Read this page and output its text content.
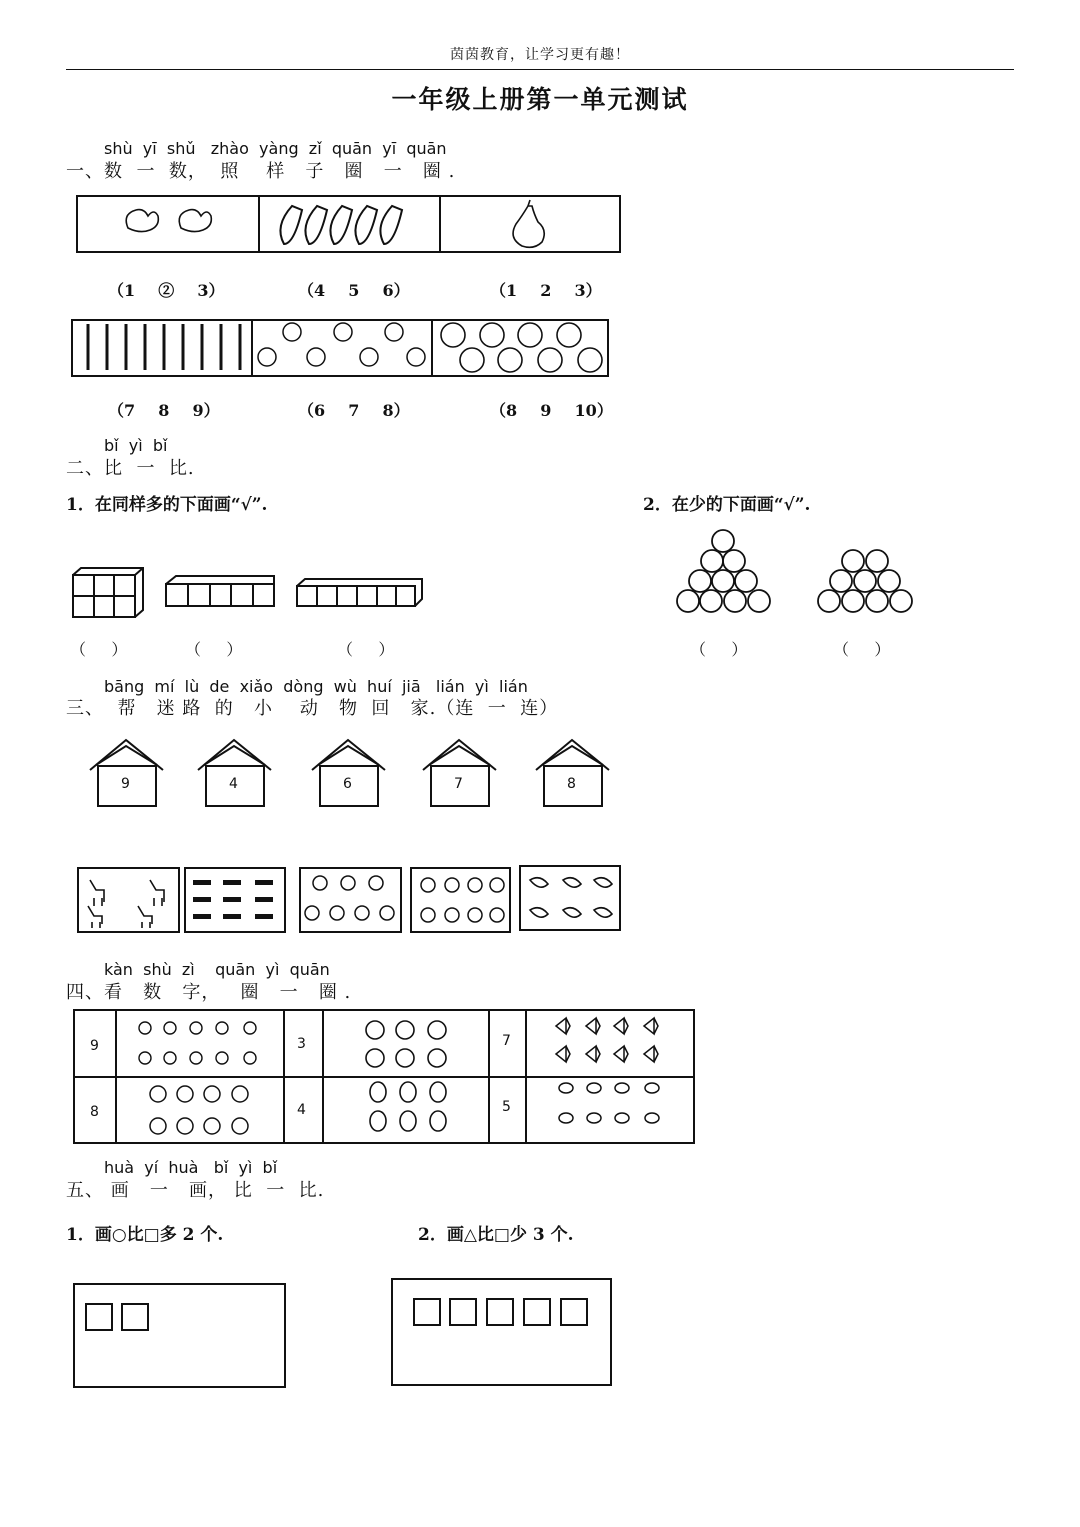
茵茵教育，让学习更有趣！
一年级上册第一单元测试
shù  yī  shǔ   zhào  yàng  zǐ  quān  yī  quān
一、数  一  数，  照    样   子   圈   一   圈 .
（1  ②  3）	（4  5  6）	（1  2  3）
（7  8  9）	（6  7  8）	（8  9  10）
bǐ  yì  bǐ
二、比  一  比.
1．在同样多的下面画“√”.	2．在少的下面画“√”.
（     ）	（     ）	（     ）	（     ）	（     ）
bāng  mí  lù  de  xiǎo  dòng  wù  huí  jiā   lián  yì  lián
三、  帮   迷 路  的   小    动   物  回   家.（连  一  连）
9	4	6	7	8
kàn  shù  zì    quān  yì  quān
四、看   数   字，   圈   一   圈 .
9	3	7
8	4	5
huà  yí  huà   bǐ  yì  bǐ
五、 画   一   画， 比  一  比.
1．画○比□多 2 个.	2．画△比□少 3 个.
